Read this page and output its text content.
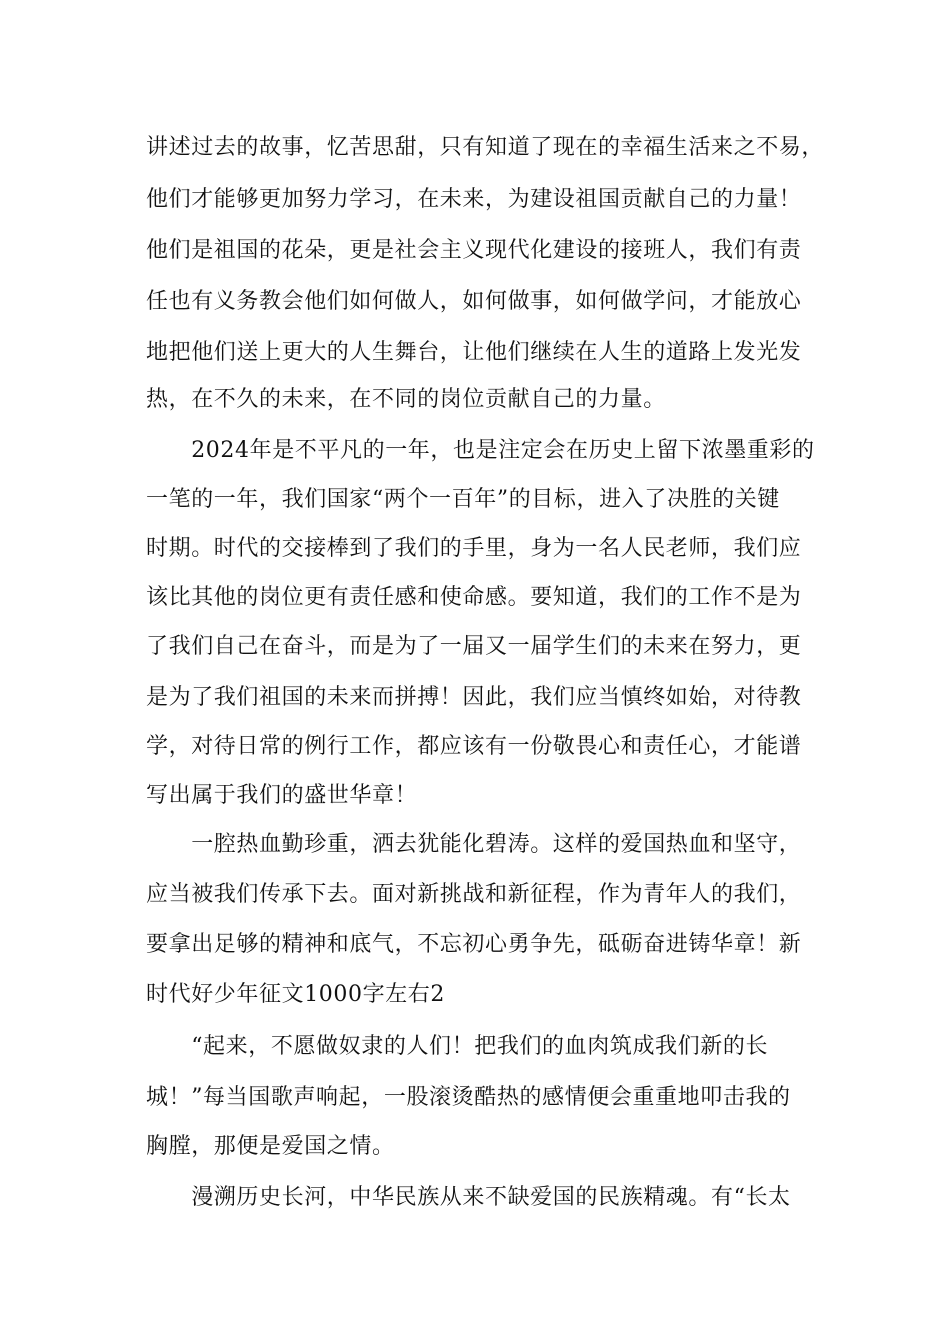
讲述过去的故事，忆苦思甜，只有知道了现在的幸福生活来之不易，
他们才能够更加努力学习，在未来，为建设祖国贡献自己的力量！
他们是祖国的花朵，更是社会主义现代化建设的接班人，我们有责
任也有义务教会他们如何做人，如何做事，如何做学问，才能放心
地把他们送上更大的人生舞台，让他们继续在人生的道路上发光发
热，在不久的未来，在不同的岗位贡献自己的力量。
　　2024年是不平凡的一年，也是注定会在历史上留下浓墨重彩的
一笔的一年，我们国家“两个一百年”的目标，进入了决胜的关键
时期。时代的交接棒到了我们的手里，身为一名人民老师，我们应
该比其他的岗位更有责任感和使命感。要知道，我们的工作不是为
了我们自己在奋斗，而是为了一届又一届学生们的未来在努力，更
是为了我们祖国的未来而拼搏！因此，我们应当慎终如始，对待教
学，对待日常的例行工作，都应该有一份敬畏心和责任心，才能谱
写出属于我们的盛世华章！
　　一腔热血勤珍重，洒去犹能化碧涛。这样的爱国热血和坚守，
应当被我们传承下去。面对新挑战和新征程，作为青年人的我们，
要拿出足够的精神和底气，不忘初心勇争先，砥砺奋进铸华章！新
时代好少年征文1000字左右2
　　“起来，不愿做奴隶的人们！把我们的血肉筑成我们新的长
城！”每当国歌声响起，一股滚烫酷热的感情便会重重地叩击我的
胸膛，那便是爱国之情。
　　漫溯历史长河，中华民族从来不缺爱国的民族精魂。有“长太
